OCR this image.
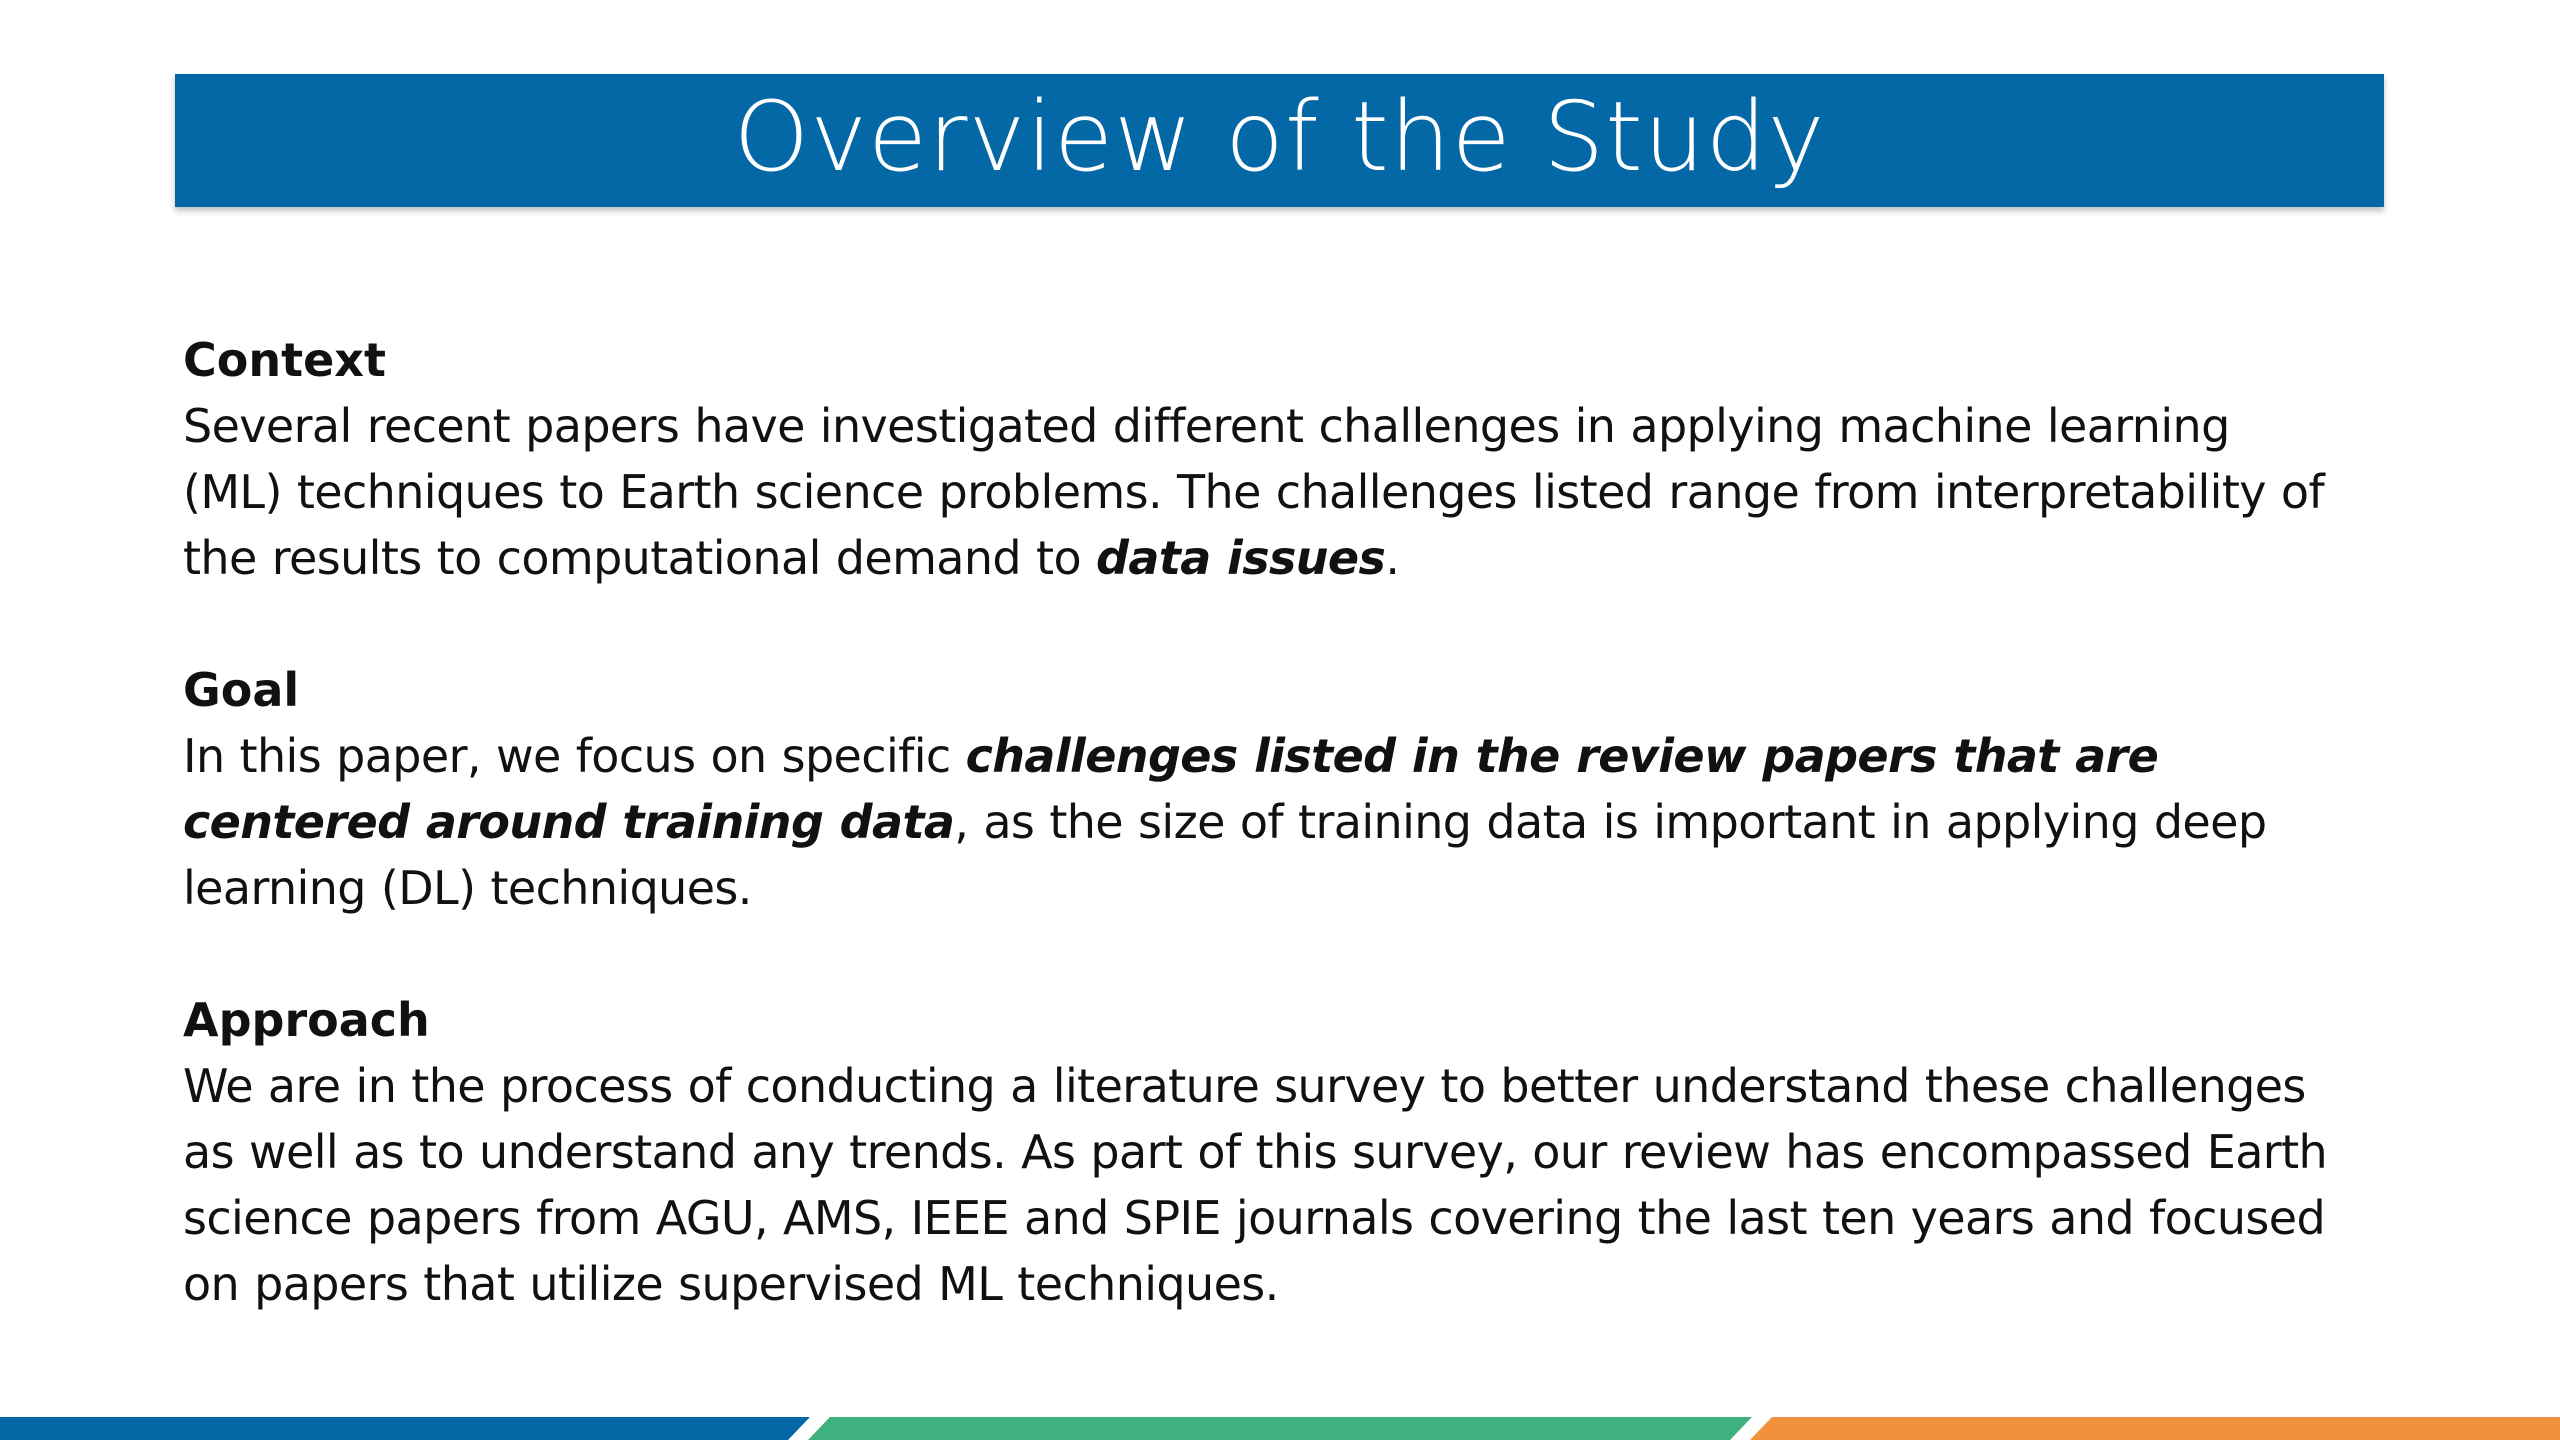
Overview of the Study

Context

Several recent papers have investigated different challenges in applying machine learning (ML) techniques to Earth science problems. The challenges listed range from interpretability of the results to computational demand to data issues.

Goal

In this paper, we focus on specific challenges listed in the review papers that are centered around training data, as the size of training data is important in applying deep learning (DL) techniques.

Approach

We are in the process of conducting a literature survey to better understand these challenges as well as to understand any trends. As part of this survey, our review has encompassed Earth science papers from AGU, AMS, IEEE and SPIE journals covering the last ten years and focused on papers that utilize supervised ML techniques.
